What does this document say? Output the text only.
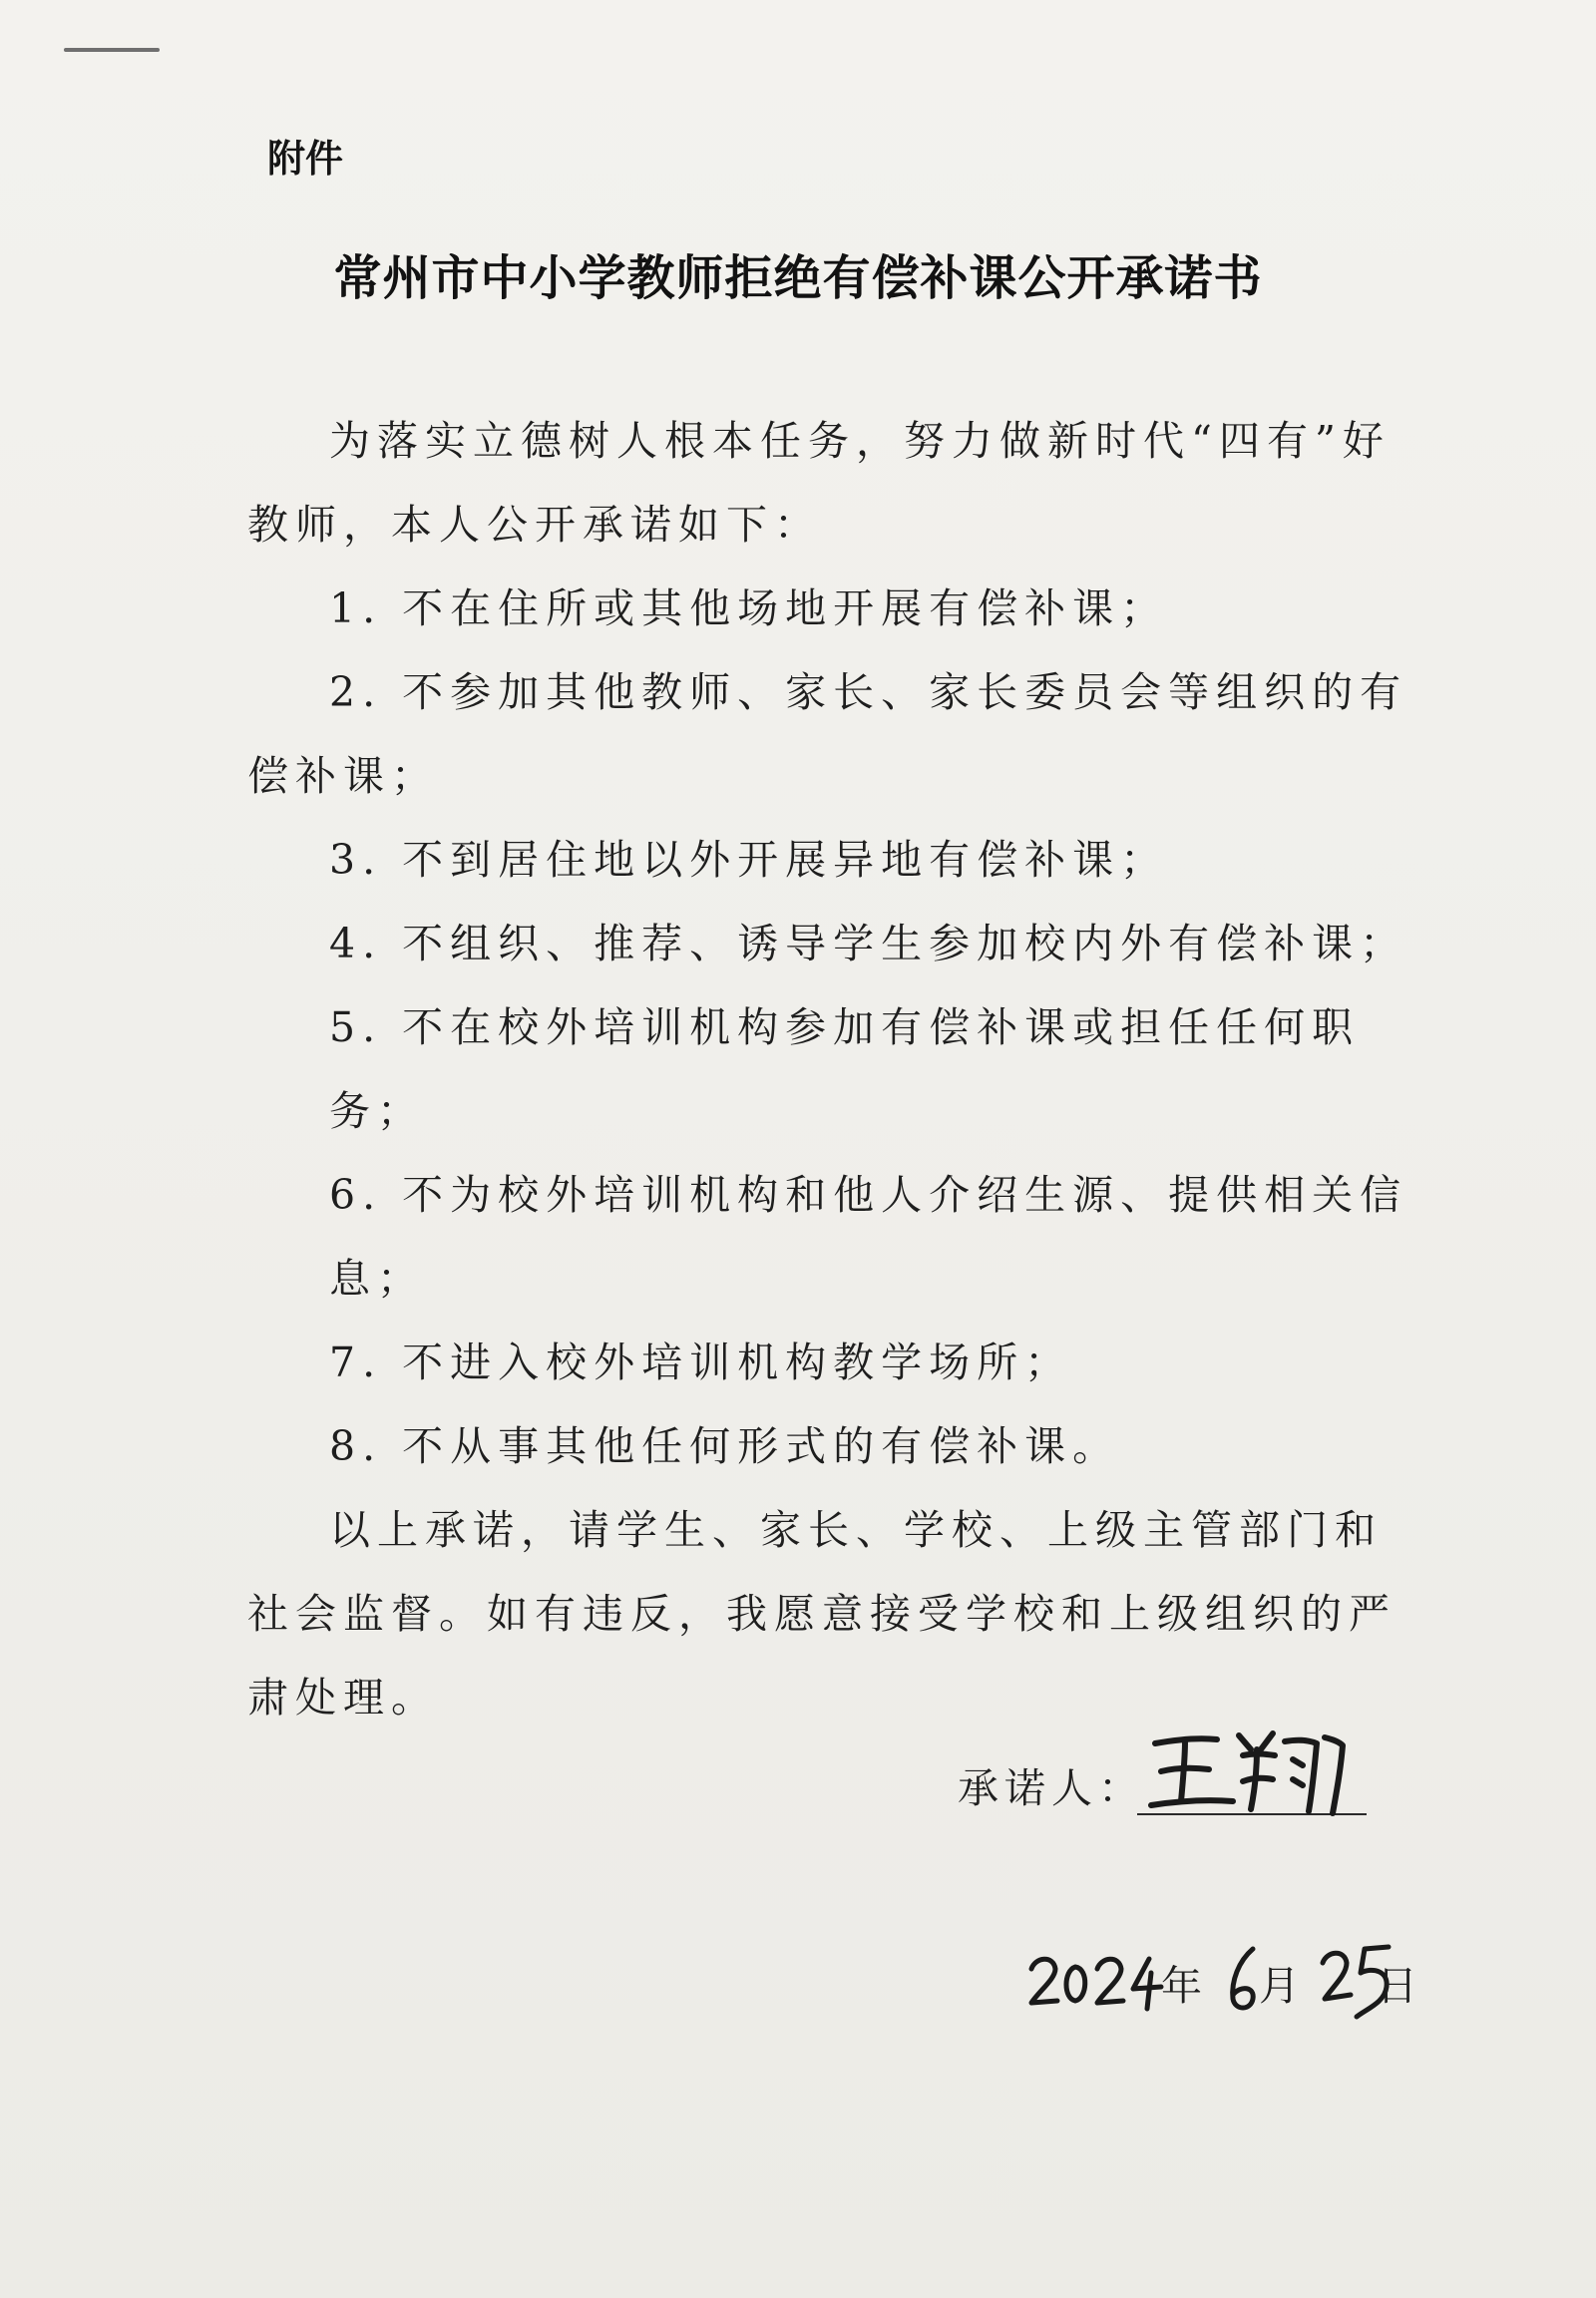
附件
常州市中小学教师拒绝有偿补课公开承诺书

为落实立德树人根本任务，努力做新时代“四有”好教师，本人公开承诺如下：

1. 不在住所或其他场地开展有偿补课；

2. 不参加其他教师、家长、家长委员会等组织的有偿补课；

3. 不到居住地以外开展异地有偿补课；

4. 不组织、推荐、诱导学生参加校内外有偿补课；

5. 不在校外培训机构参加有偿补课或担任任何职务；

6. 不为校外培训机构和他人介绍生源、提供相关信息；

7. 不进入校外培训机构教学场所；

8. 不从事其他任何形式的有偿补课。

以上承诺，请学生、家长、学校、上级主管部门和社会监督。如有违反，我愿意接受学校和上级组织的严肃处理。

承诺人：
年 月 日
